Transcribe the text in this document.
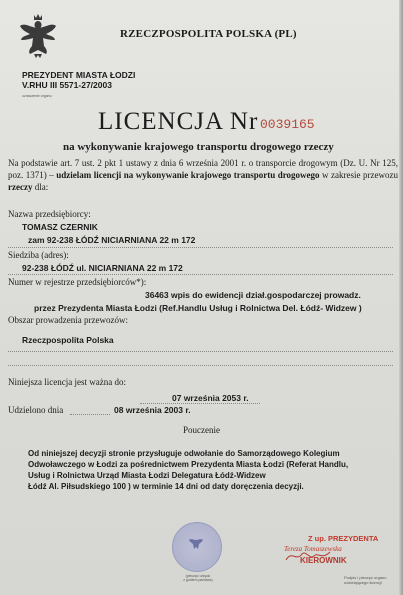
RZECZPOSPOLITA POLSKA (PL)
PREZYDENT MIASTA ŁODZI
V.RHU III 5571-27/2003
oznaczenie organu
LICENCJA Nr 0039165
na wykonywanie krajowego transportu drogowego rzeczy
Na podstawie art. 7 ust. 2 pkt 1 ustawy z dnia 6 września 2001 r. o transporcie drogowym (Dz. U. Nr 125, poz. 1371) – udzielam licencji na wykonywanie krajowego transportu drogowego w zakresie przewozu rzeczy dla:
Nazwa przedsiębiorcy:
TOMASZ CZERNIK
zam 92-238 ŁÓDŹ NICIARNIANA 22 m 172
Siedziba (adres):
92-238 ŁÓDŹ ul. NICIARNIANA 22 m 172
Numer w rejestrze przedsiębiorców*):
36463 wpis do ewidencji dział.gospodarczej prowadz.
przez Prezydenta Miasta Łodzi (Ref.Handlu Usług i Rolnictwa Del. Łódź- Widzew )
Obszar prowadzenia przewozów:
Rzeczpospolita Polska
Niniejsza licencja jest ważna do:
07 września 2053 r.
Udzielono dnia	08 września 2003 r.
Pouczenie
Od niniejszej decyzji stronie przysługuje odwołanie do Samorządowego Kolegium
Odwoławczego w Łodzi za pośrednictwem Prezydenta Miasta Łodzi (Referat Handlu,
Usług i Rolnictwa Urząd Miasta Łodzi Delegatura Łódź-Widzew
Łódź Al. Piłsudskiego 100 ) w terminie 14 dni od daty doręczenia decyzji.
(pieczęć urzędu
z godłem państwa)
Z up. PREZYDENTA
Tereza Tomaszewska
KIEROWNIK
Podpis i pieczęć organu
udzielającego licencji
